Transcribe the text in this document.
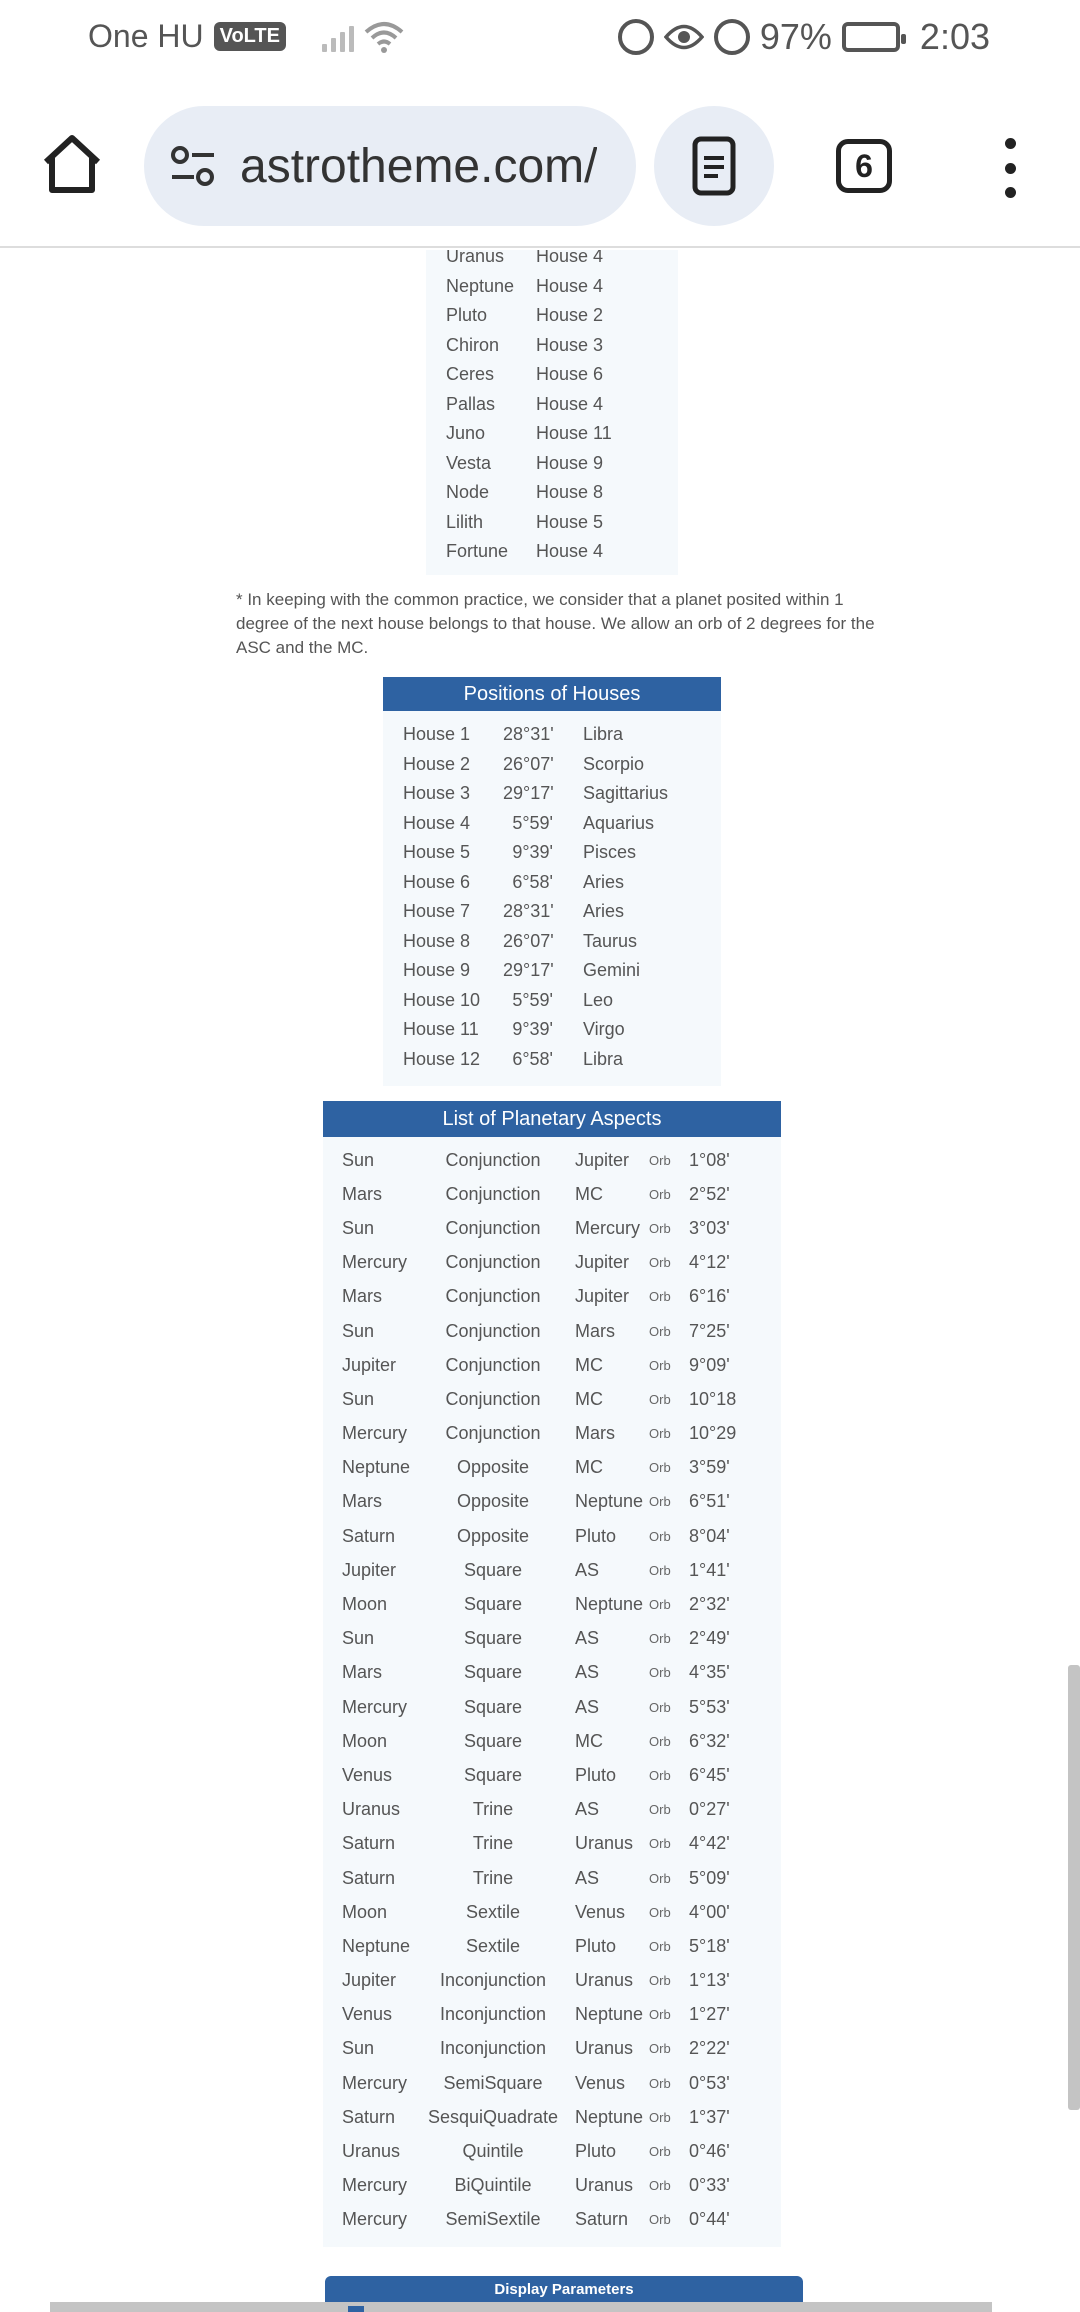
One HU VoLTE	97% 2:03
astrotheme.com/	6
Uranus	House 4
Neptune	House 4
Pluto	House 2
Chiron	House 3
Ceres	House 6
Pallas	House 4
Juno	House 11
Vesta	House 9
Node	House 8
Lilith	House 5
Fortune	House 4

* In keeping with the common practice, we consider that a planet posited within 1 degree of the next house belongs to that house. We allow an orb of 2 degrees for the ASC and the MC.

Positions of Houses
House 1	28°31'	Libra
House 2	26°07'	Scorpio
House 3	29°17'	Sagittarius
House 4	5°59'	Aquarius
House 5	9°39'	Pisces
House 6	6°58'	Aries
House 7	28°31'	Aries
House 8	26°07'	Taurus
House 9	29°17'	Gemini
House 10	5°59'	Leo
House 11	9°39'	Virgo
House 12	6°58'	Libra
List of Planetary Aspects
Sun	Conjunction	Jupiter	Orb	1°08'
Mars	Conjunction	MC	Orb	2°52'
Sun	Conjunction	Mercury Orb	3°03'
Mercury	Conjunction	Jupiter	Orb	4°12'
Mars	Conjunction	Jupiter	Orb	6°16'
Sun	Conjunction	Mars	Orb	7°25'
Jupiter	Conjunction	MC	Orb	9°09'
Sun	Conjunction	MC	Orb	10°18
Mercury	Conjunction	Mars	Orb	10°29
Neptune	Opposite	MC	Orb	3°59'
Mars	Opposite	Neptune Orb	6°51'
Saturn	Opposite	Pluto	Orb	8°04'
Jupiter	Square	AS	Orb	1°41'
Moon	Square	Neptune Orb	2°32'
Sun	Square	AS	Orb	2°49'
Mars	Square	AS	Orb	4°35'
Mercury	Square	AS	Orb	5°53'
Moon	Square	MC	Orb	6°32'
Venus	Square	Pluto	Orb	6°45'
Uranus	Trine	AS	Orb	0°27'
Saturn	Trine	Uranus	Orb	4°42'
Saturn	Trine	AS	Orb	5°09'
Moon	Sextile	Venus	Orb	4°00'
Neptune	Sextile	Pluto	Orb	5°18'
Jupiter	Inconjunction	Uranus	Orb	1°13'
Venus	Inconjunction	Neptune Orb	1°27'
Sun	Inconjunction	Uranus	Orb	2°22'
Mercury	SemiSquare	Venus	Orb	0°53'
Saturn	SesquiQuadrate Neptune Orb	1°37'
Uranus	Quintile	Pluto	Orb	0°46'
Mercury	BiQuintile	Uranus	Orb	0°33'
Mercury	SemiSextile	Saturn	Orb	0°44'
Display Parameters
